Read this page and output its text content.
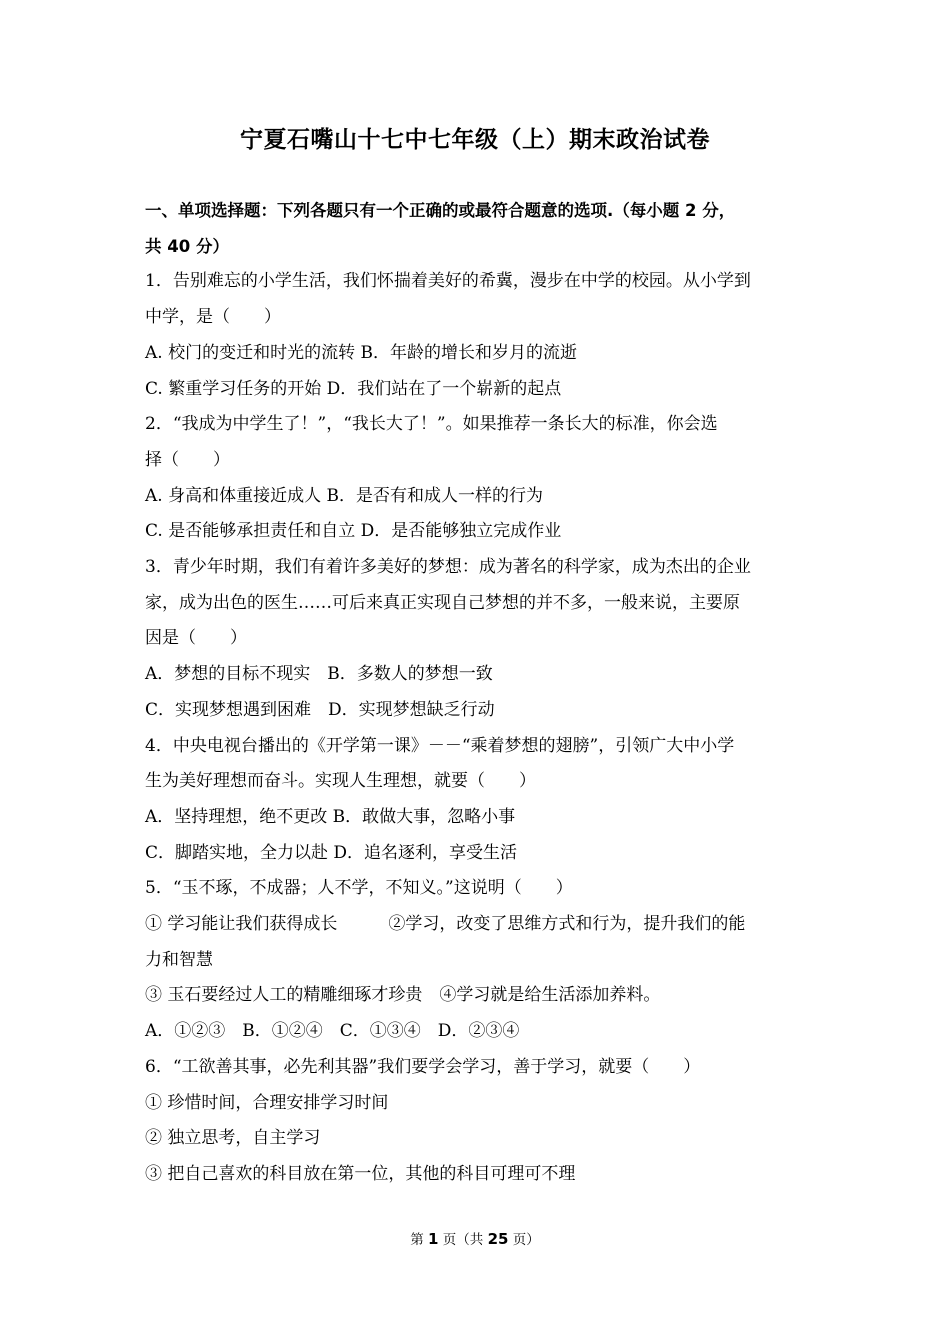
宁夏石嘴山十七中七年级（上）期末政治试卷

一、单项选择题：下列各题只有一个正确的或最符合题意的选项.（每小题 2 分，

共 40 分）

1．告别难忘的小学生活，我们怀揣着美好的希冀，漫步在中学的校园。从小学到

中学，是（　　）

A. 校门的变迁和时光的流转 B．年龄的增长和岁月的流逝

C. 繁重学习任务的开始 D．我们站在了一个崭新的起点

2．“我成为中学生了！”，“我长大了！”。如果推荐一条长大的标准，你会选

择（　　）

A. 身高和体重接近成人 B．是否有和成人一样的行为

C. 是否能够承担责任和自立 D．是否能够独立完成作业

3．青少年时期，我们有着许多美好的梦想：成为著名的科学家，成为杰出的企业

家，成为出色的医生……可后来真正实现自己梦想的并不多，一般来说，主要原

因是（　　）

A．梦想的目标不现实　B．多数人的梦想一致

C．实现梦想遇到困难　D．实现梦想缺乏行动

4．中央电视台播出的《开学第一课》－－“乘着梦想的翅膀”，引领广大中小学

生为美好理想而奋斗。实现人生理想，就要（　　）

A．坚持理想，绝不更改 B．敢做大事，忽略小事

C．脚踏实地，全力以赴 D．追名逐利，享受生活

5．“玉不琢，不成器；人不学，不知义。”这说明（　　）

① 学习能让我们获得成长　　　②学习，改变了思维方式和行为，提升我们的能

力和智慧

③ 玉石要经过人工的精雕细琢才珍贵　④学习就是给生活添加养料。

A．①②③　B．①②④　C．①③④　D．②③④

6．“工欲善其事，必先利其器”我们要学会学习，善于学习，就要（　　）

① 珍惜时间，合理安排学习时间

② 独立思考，自主学习

③ 把自己喜欢的科目放在第一位，其他的科目可理可不理

第 1 页（共 25 页）
